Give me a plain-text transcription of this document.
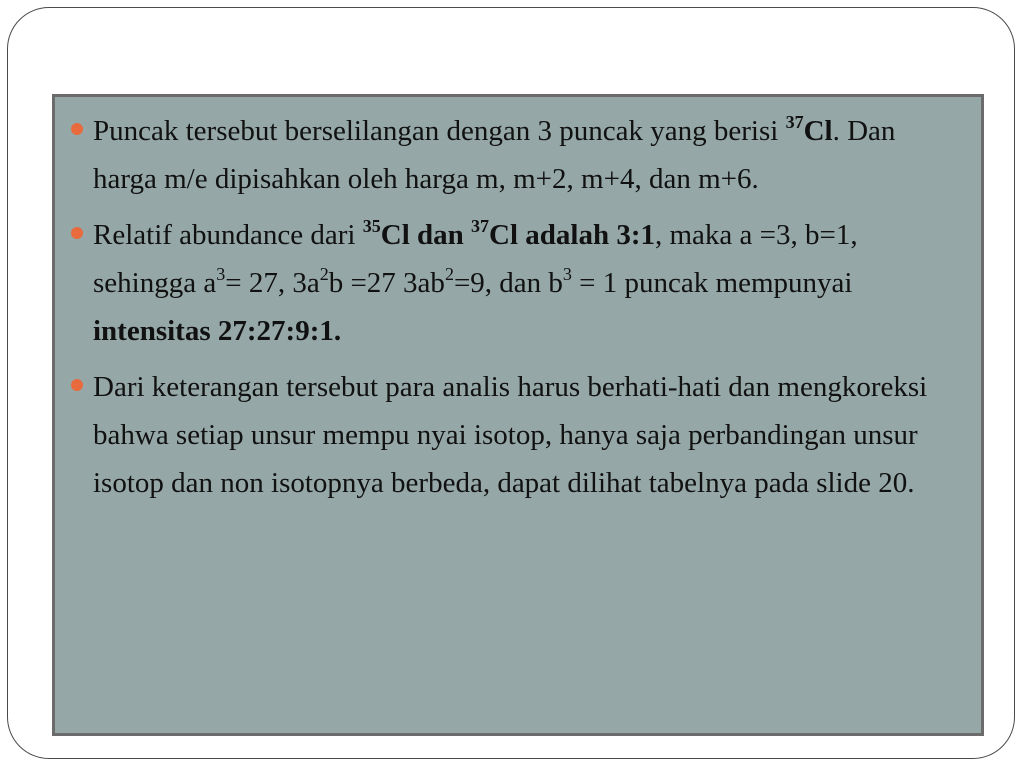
Puncak tersebut berselilangan dengan 3 puncak yang berisi $^{37}$Cl. Dan harga m/e dipisahkan oleh harga m, m+2, m+4, dan m+6.
Relatif abundance dari $^{35}$Cl dan $^{37}$Cl adalah 3:1, maka a =3, b=1, sehingga $a^3= 27$, $3a^2b =27$ $3ab^2=9$, dan $b^3 = 1$ puncak mempunyai intensitas 27:27:9:1.
Dari keterangan tersebut para analis harus berhati-hati dan mengkoreksi bahwa setiap unsur mempu nyai isotop, hanya saja perbandingan unsur isotop dan non isotopnya berbeda, dapat dilihat tabelnya pada slide 20.
